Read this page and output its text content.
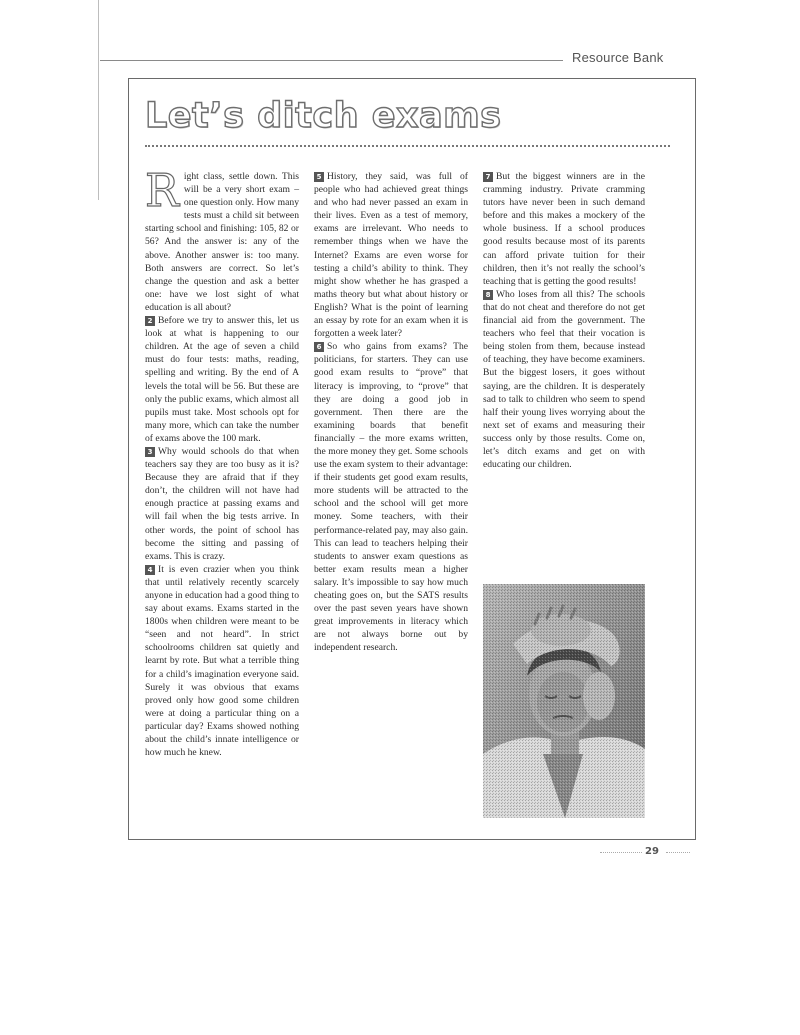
Resource Bank
Let’s ditch exams

Right class, settle down. This will be a very short exam – one question only. How many tests must a child sit between starting school and finishing: 105, 82 or 56? And the answer is: any of the above. Another answer is: too many. Both answers are correct. So let’s change the question and ask a better one: have we lost sight of what education is all about?

2 Before we try to answer this, let us look at what is happening to our children. At the age of seven a child must do four tests: maths, reading, spelling and writing. By the end of A levels the total will be 56. But these are only the public exams, which almost all pupils must take. Most schools opt for many more, which can take the number of exams above the 100 mark.

3 Why would schools do that when teachers say they are too busy as it is? Because they are afraid that if they don’t, the children will not have had enough practice at passing exams and will fail when the big tests arrive. In other words, the point of school has become the sitting and passing of exams. This is crazy.

4 It is even crazier when you think that until relatively recently scarcely anyone in education had a good thing to say about exams. Exams started in the 1800s when children were meant to be “seen and not heard”. In strict schoolrooms children sat quietly and learnt by rote. But what a terrible thing for a child’s imagination everyone said. Surely it was obvious that exams proved only how good some children were at doing a particular thing on a particular day? Exams showed nothing about the child’s innate intelligence or how much he knew.

5 History, they said, was full of people who had achieved great things and who had never passed an exam in their lives. Even as a test of memory, exams are irrelevant. Who needs to remember things when we have the Internet? Exams are even worse for testing a child’s ability to think. They might show whether he has grasped a maths theory but what about history or English? What is the point of learning an essay by rote for an exam when it is forgotten a week later?

6 So who gains from exams? The politicians, for starters. They can use good exam results to “prove” that literacy is improving, to “prove” that they are doing a good job in government. Then there are the examining boards that benefit financially – the more exams written, the more money they get. Some schools use the exam system to their advantage: if their students get good exam results, more students will be attracted to the school and the school will get more money. Some teachers, with their performance-related pay, may also gain. This can lead to teachers helping their students to answer exam questions as better exam results mean a higher salary. It’s impossible to say how much cheating goes on, but the SATS results over the past seven years have shown great improvements in literacy which are not always borne out by independent research.

7 But the biggest winners are in the cramming industry. Private cramming tutors have never been in such demand before and this makes a mockery of the whole business. If a school produces good results because most of its parents can afford private tuition for their children, then it’s not really the school’s teaching that is getting the good results!

8 Who loses from all this? The schools that do not cheat and therefore do not get financial aid from the government. The teachers who feel that their vocation is being stolen from them, because instead of teaching, they have become examiners. But the biggest losers, it goes without saying, are the children. It is desperately sad to talk to children who seem to spend half their young lives worrying about the next set of exams and measuring their success only by those results. Come on, let’s ditch exams and get on with educating our children.

29
